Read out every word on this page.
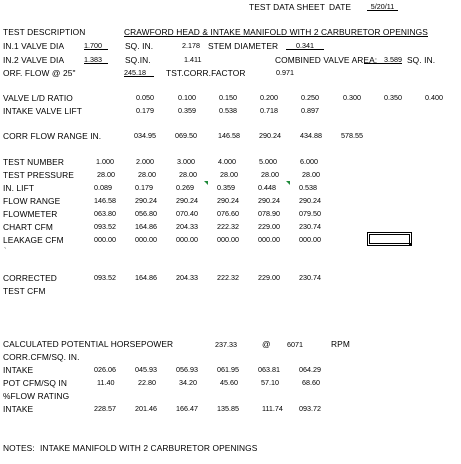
TEST DATA SHEET DATE	5/20/11
TEST DESCRIPTION	CRAWFORD HEAD & INTAKE MANIFOLD WITH 2 CARBURETOR OPENINGS
IN.1 VALVE DIA	1.700	SQ. IN.	2.178 STEM DIAMETER	0.341
IN.2 VALVE DIA	1.383	SQ.IN.	1.411	COMBINED VALVE AREA: 3.589 SQ. IN.
ORF. FLOW @ 25"	245.18	TST.CORR.FACTOR	0.971
VALVE L/D RATIO	0.050	0.100	0.150	0.200	0.250	0.300	0.350	0.400
INTAKE VALVE LIFT	0.179	0.359	0.538	0.718	0.897
CORR FLOW RANGE IN.	034.95	069.50	146.58	290.24	434.88	578.55
TEST NUMBER	1.000	2.000	3.000	4.000	5.000	6.000
TEST PRESSURE	28.00	28.00	28.00	28.00	28.00	28.00
IN. LIFT	0.089	0.179	0.269	0.359	0.448	0.538
FLOW RANGE	146.58	290.24	290.24	290.24	290.24	290.24
FLOWMETER	063.80	056.80	070.40	076.60	078.90	079.50
CHART CFM	093.52	164.86	204.33	222.32	229.00	230.74
LEAKAGE CFM	000.00	000.00	000.00	000.00	000.00	000.00
`
CORRECTED
TEST CFM
093.52	164.86	204.33	222.32	229.00	230.74
CALCULATED POTENTIAL HORSEPOWER	237.33	@ 6071	RPM
CORR.CFM/SQ. IN.
INTAKE	026.06	045.93	056.93	061.95	063.81	064.29
POT CFM/SQ IN	11.40	22.80	34.20	45.60	57.10	68.60
%FLOW RATING
INTAKE	228.57	201.46	166.47	135.85	111.74 093.72
NOTES: INTAKE MANIFOLD WITH 2 CARBURETOR OPENINGS
